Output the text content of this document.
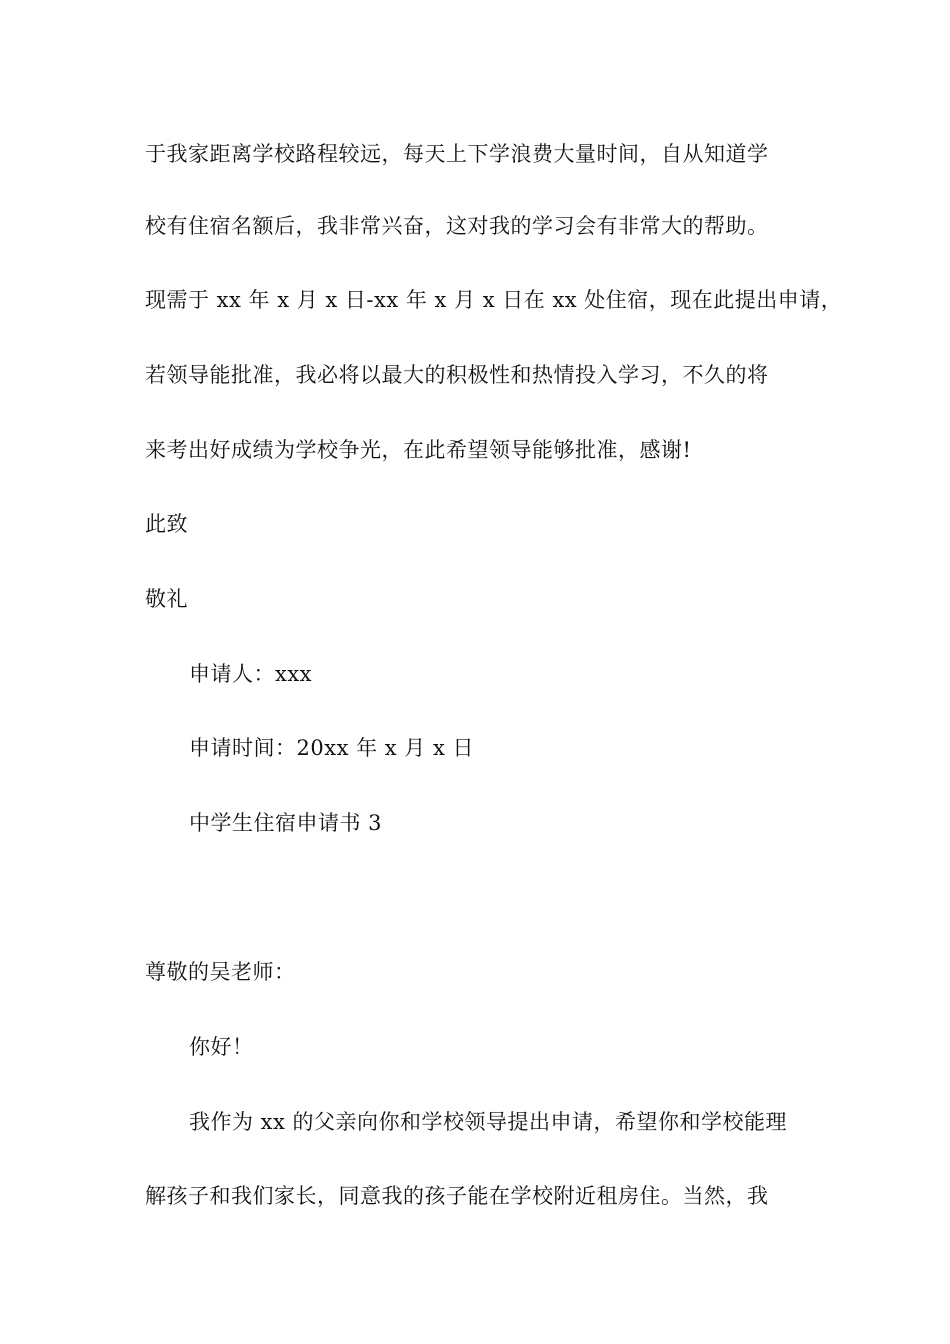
于我家距离学校路程较远，每天上下学浪费大量时间，自从知道学
校有住宿名额后，我非常兴奋，这对我的学习会有非常大的帮助。
现需于 xx 年 x 月 x 日-xx 年 x 月 x 日在 xx 处住宿，现在此提出申请，
若领导能批准，我必将以最大的积极性和热情投入学习，不久的将
来考出好成绩为学校争光，在此希望领导能够批准，感谢!
此致
敬礼
申请人：xxx
申请时间：20xx 年 x 月 x 日
中学生住宿申请书 3
尊敬的吴老师：
你好！
我作为 xx 的父亲向你和学校领导提出申请，希望你和学校能理
解孩子和我们家长，同意我的孩子能在学校附近租房住。当然，我
